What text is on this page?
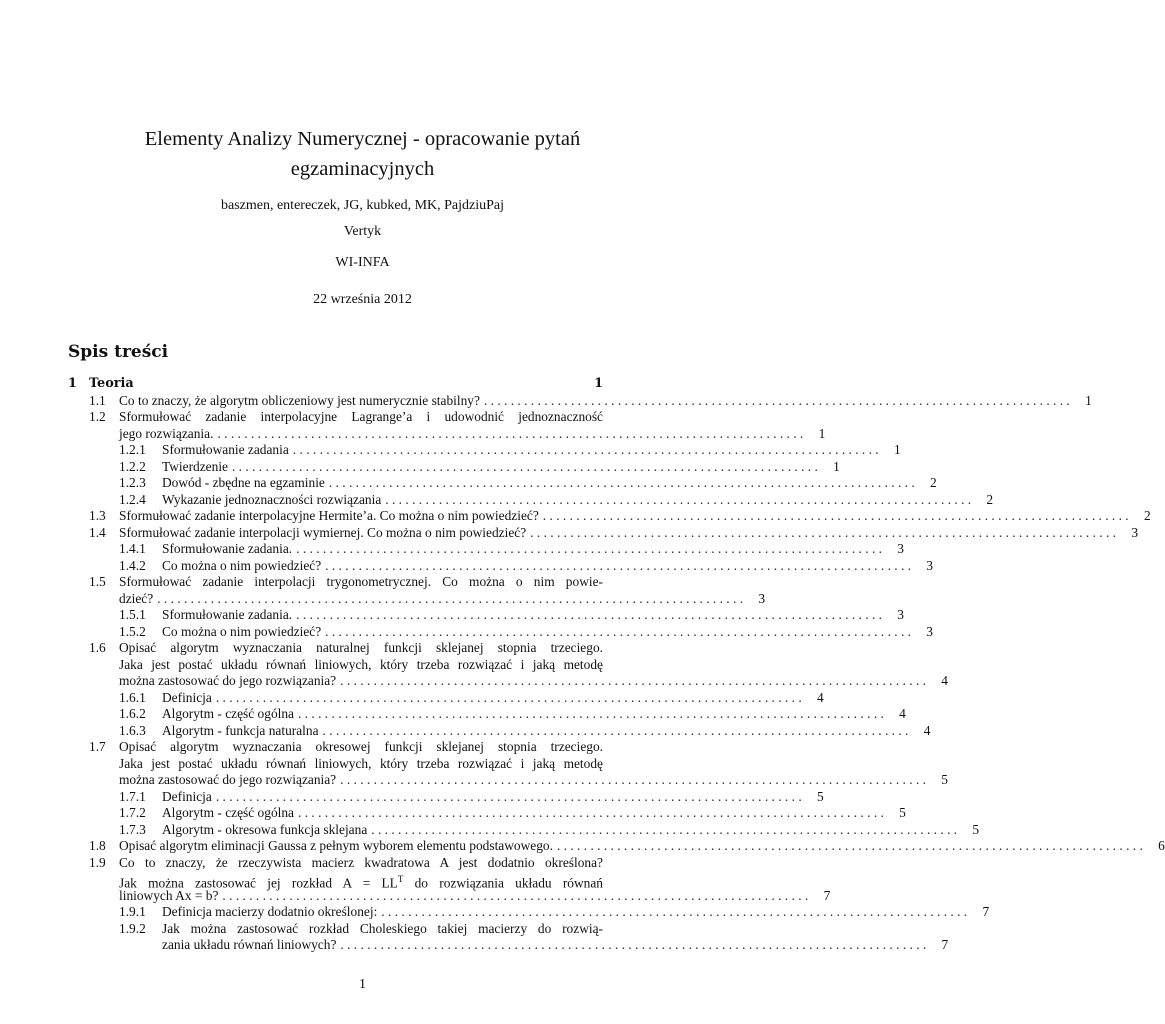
Elementy Analizy Numerycznej - opracowanie pytań
egzaminacyjnych
baszmen, entereczek, JG, kubked, MK, PajdziuPaj
Vertyk
WI-INFA
22 września 2012
Spis treści
1 Teoria	1
1.1 Co to znaczy, że algorytm obliczeniowy jest numerycznie stabilny? . . .	1
1.2 Sformułować zadanie interpolacyjne Lagrange’a i udowodnić jednoznaczność
jego rozwiązania. . . .	1
1.2.1 Sformułowanie zadania . . .	1
1.2.2 Twierdzenie . . .	1
1.2.3 Dowód - zbędne na egzaminie . . .	2
1.2.4 Wykazanie jednoznaczności rozwiązania . . .	2
1.3 Sformułować zadanie interpolacyjne Hermite’a. Co można o nim powiedzieć? . . .	2
1.4 Sformułować zadanie interpolacji wymiernej. Co można o nim powiedzieć? . . .	3
1.4.1 Sformułowanie zadania. . . .	3
1.4.2 Co można o nim powiedzieć? . . .	3
1.5 Sformułować zadanie interpolacji trygonometrycznej. Co można o nim powie-
dzieć? . . .	3
1.5.1 Sformułowanie zadania. . . .	3
1.5.2 Co można o nim powiedzieć? . . .	3
1.6 Opisać algorytm wyznaczania naturalnej funkcji sklejanej stopnia trzeciego.
Jaka jest postać układu równań liniowych, który trzeba rozwiązać i jaką metodę
można zastosować do jego rozwiązania? . . .	4
1.6.1 Definicja . . .	4
1.6.2 Algorytm - część ogólna . . .	4
1.6.3 Algorytm - funkcja naturalna . . .	4
1.7 Opisać algorytm wyznaczania okresowej funkcji sklejanej stopnia trzeciego.
Jaka jest postać układu równań liniowych, który trzeba rozwiązać i jaką metodę
można zastosować do jego rozwiązania? . . .	5
1.7.1 Definicja . . .	5
1.7.2 Algorytm - część ogólna . . .	5
1.7.3 Algorytm - okresowa funkcja sklejana . . .	5
1.8 Opisać algorytm eliminacji Gaussa z pełnym wyborem elementu podstawowego. . . .	6
1.9 Co to znaczy, że rzeczywista macierz kwadratowa A jest dodatnio określona?
Jak można zastosować jej rozkład $A = LL^T$ do rozwiązania układu równań
liniowych Ax = b? . . .	7
1.9.1 Definicja macierzy dodatnio określonej: . . .	7
1.9.2 Jak można zastosować rozkład Choleskiego takiej macierzy do rozwią-
zania układu równań liniowych? . . .	7
1
